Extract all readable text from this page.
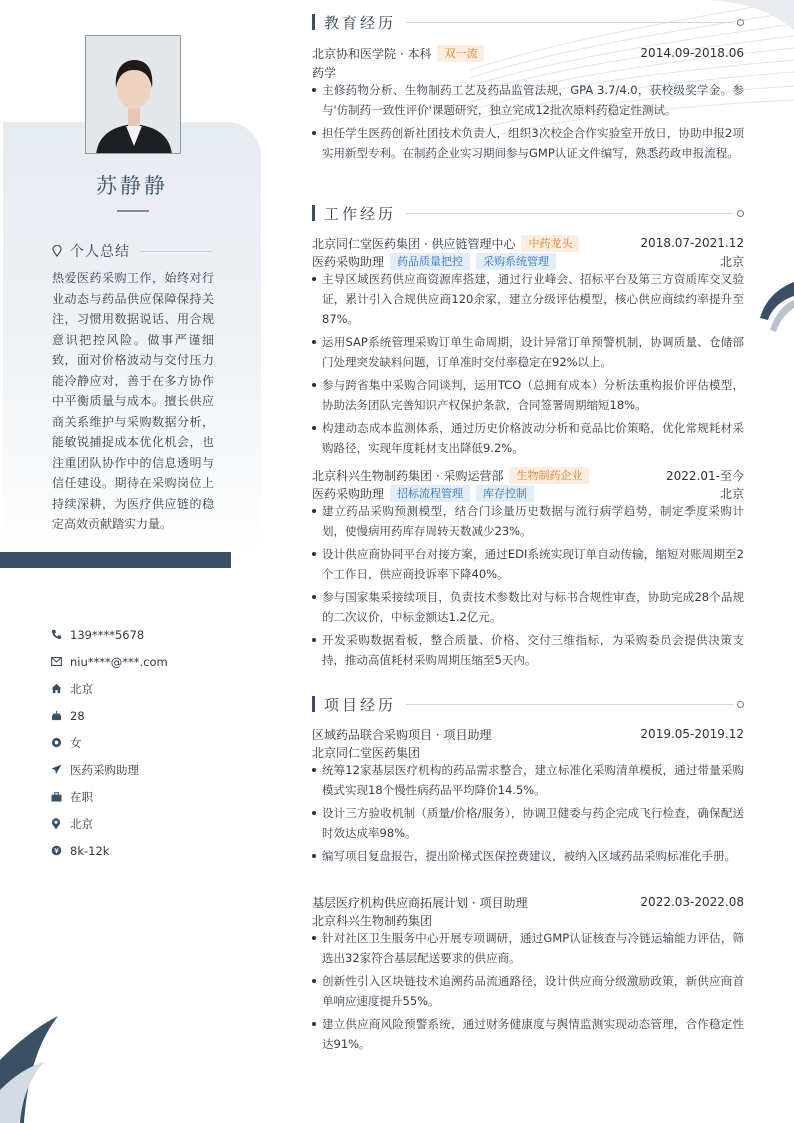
苏静静
个人总结
热爱医药采购工作，始终对行业动态与药品供应保障保持关注，习惯用数据说话、用合规意识把控风险。做事严谨细致，面对价格波动与交付压力能冷静应对，善于在多方协作中平衡质量与成本。擅长供应商关系维护与采购数据分析，能敏锐捕捉成本优化机会，也注重团队协作中的信息透明与信任建设。期待在采购岗位上持续深耕，为医疗供应链的稳定高效贡献踏实力量。
139****5678
niu****@***.com
北京
28
女
医药采购助理
在职
北京
8k-12k
教育经历
北京协和医学院 · 本科	双一流	2014.09-2018.06
药学
主修药物分析、生物制药工艺及药品监管法规，GPA 3.7/4.0，获校级奖学金。参与'仿制药一致性评价'课题研究，独立完成12批次原料药稳定性测试。
担任学生医药创新社团技术负责人，组织3次校企合作实验室开放日，协助申报2项实用新型专利。在制药企业实习期间参与GMP认证文件编写，熟悉药政申报流程。
工作经历
北京同仁堂医药集团 · 供应链管理中心	中药龙头	2018.07-2021.12
医药采购助理	药品质量把控	采购系统管理	北京
主导区域医药供应商资源库搭建，通过行业峰会、招标平台及第三方资质库交叉验证，累计引入合规供应商120余家，建立分级评估模型，核心供应商续约率提升至87%。
运用SAP系统管理采购订单生命周期，设计异常订单预警机制，协调质量、仓储部门处理突发缺料问题，订单准时交付率稳定在92%以上。
参与跨省集中采购合同谈判，运用TCO（总拥有成本）分析法重构报价评估模型，协助法务团队完善知识产权保护条款，合同签署周期缩短18%。
构建动态成本监测体系，通过历史价格波动分析和竞品比价策略，优化常规耗材采购路径，实现年度耗材支出降低9.2%。
北京科兴生物制药集团 · 采购运营部	生物制药企业	2022.01-至今
医药采购助理	招标流程管理	库存控制	北京
建立药品采购预测模型，结合门诊量历史数据与流行病学趋势，制定季度采购计划，使慢病用药库存周转天数减少23%。
设计供应商协同平台对接方案，通过EDI系统实现订单自动传输，缩短对账周期至2个工作日，供应商投诉率下降40%。
参与国家集采接续项目，负责技术参数比对与标书合规性审查，协助完成28个品规的二次议价，中标金额达1.2亿元。
开发采购数据看板，整合质量、价格、交付三维指标，为采购委员会提供决策支持，推动高值耗材采购周期压缩至5天内。
项目经历
区域药品联合采购项目 · 项目助理	2019.05-2019.12
北京同仁堂医药集团
统筹12家基层医疗机构的药品需求整合，建立标准化采购清单模板，通过带量采购模式实现18个慢性病药品平均降价14.5%。
设计三方验收机制（质量/价格/服务），协调卫健委与药企完成飞行检查，确保配送时效达成率98%。
编写项目复盘报告，提出阶梯式医保控费建议，被纳入区域药品采购标准化手册。
基层医疗机构供应商拓展计划 · 项目助理	2022.03-2022.08
北京科兴生物制药集团
针对社区卫生服务中心开展专项调研，通过GMP认证核查与冷链运输能力评估，筛选出32家符合基层配送要求的供应商。
创新性引入区块链技术追溯药品流通路径，设计供应商分级激励政策，新供应商首单响应速度提升55%。
建立供应商风险预警系统，通过财务健康度与舆情监测实现动态管理，合作稳定性达91%。
